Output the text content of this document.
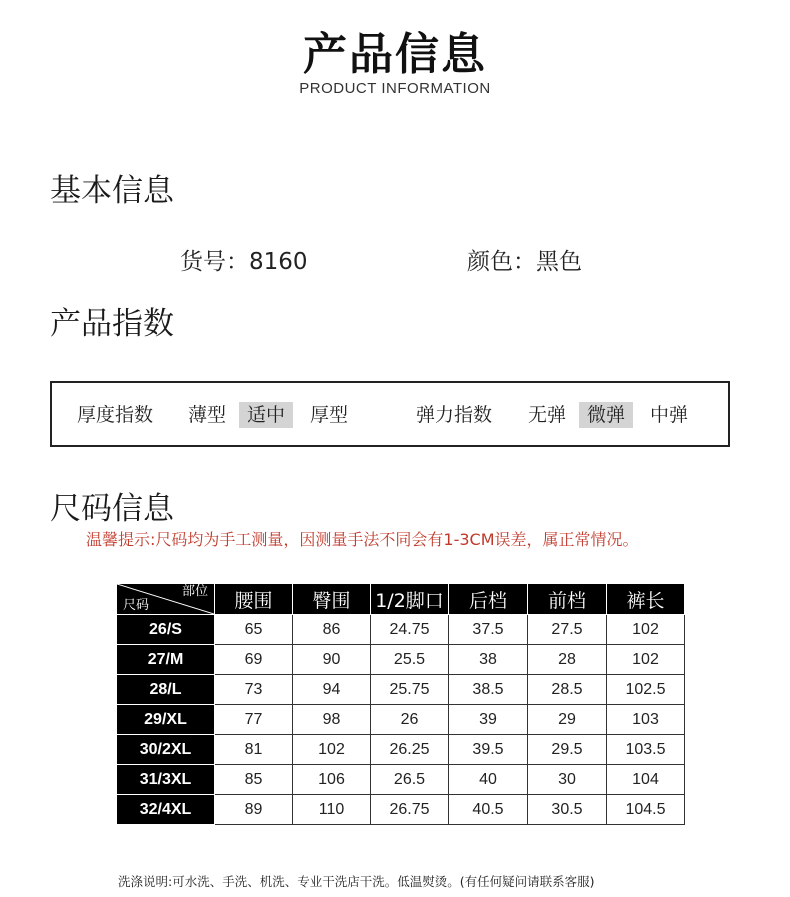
产品信息
PRODUCT INFORMATION
基本信息
货号：8160	颜色：黑色
产品指数
厚度指数 薄型	适中	厚型	弹力指数 无弹	微弹	中弹
尺码信息
温馨提示:尺码均为手工测量，因测量手法不同会有1-3CM误差，属正常情况。
部位
尺码	腰围	臀围	1/2脚口	后档	前档	裤长
26/S	65	86	24.75	37.5	27.5	102
27/M	69	90	25.5	38	28	102
28/L	73	94	25.75	38.5	28.5	102.5
29/XL	77	98	26	39	29	103
30/2XL	81	102	26.25	39.5	29.5	103.5
31/3XL	85	106	26.5	40	30	104
32/4XL	89	110	26.75	40.5	30.5	104.5
洗涤说明:可水洗、手洗、机洗、专业干洗店干洗。低温熨烫。(有任何疑问请联系客服)
